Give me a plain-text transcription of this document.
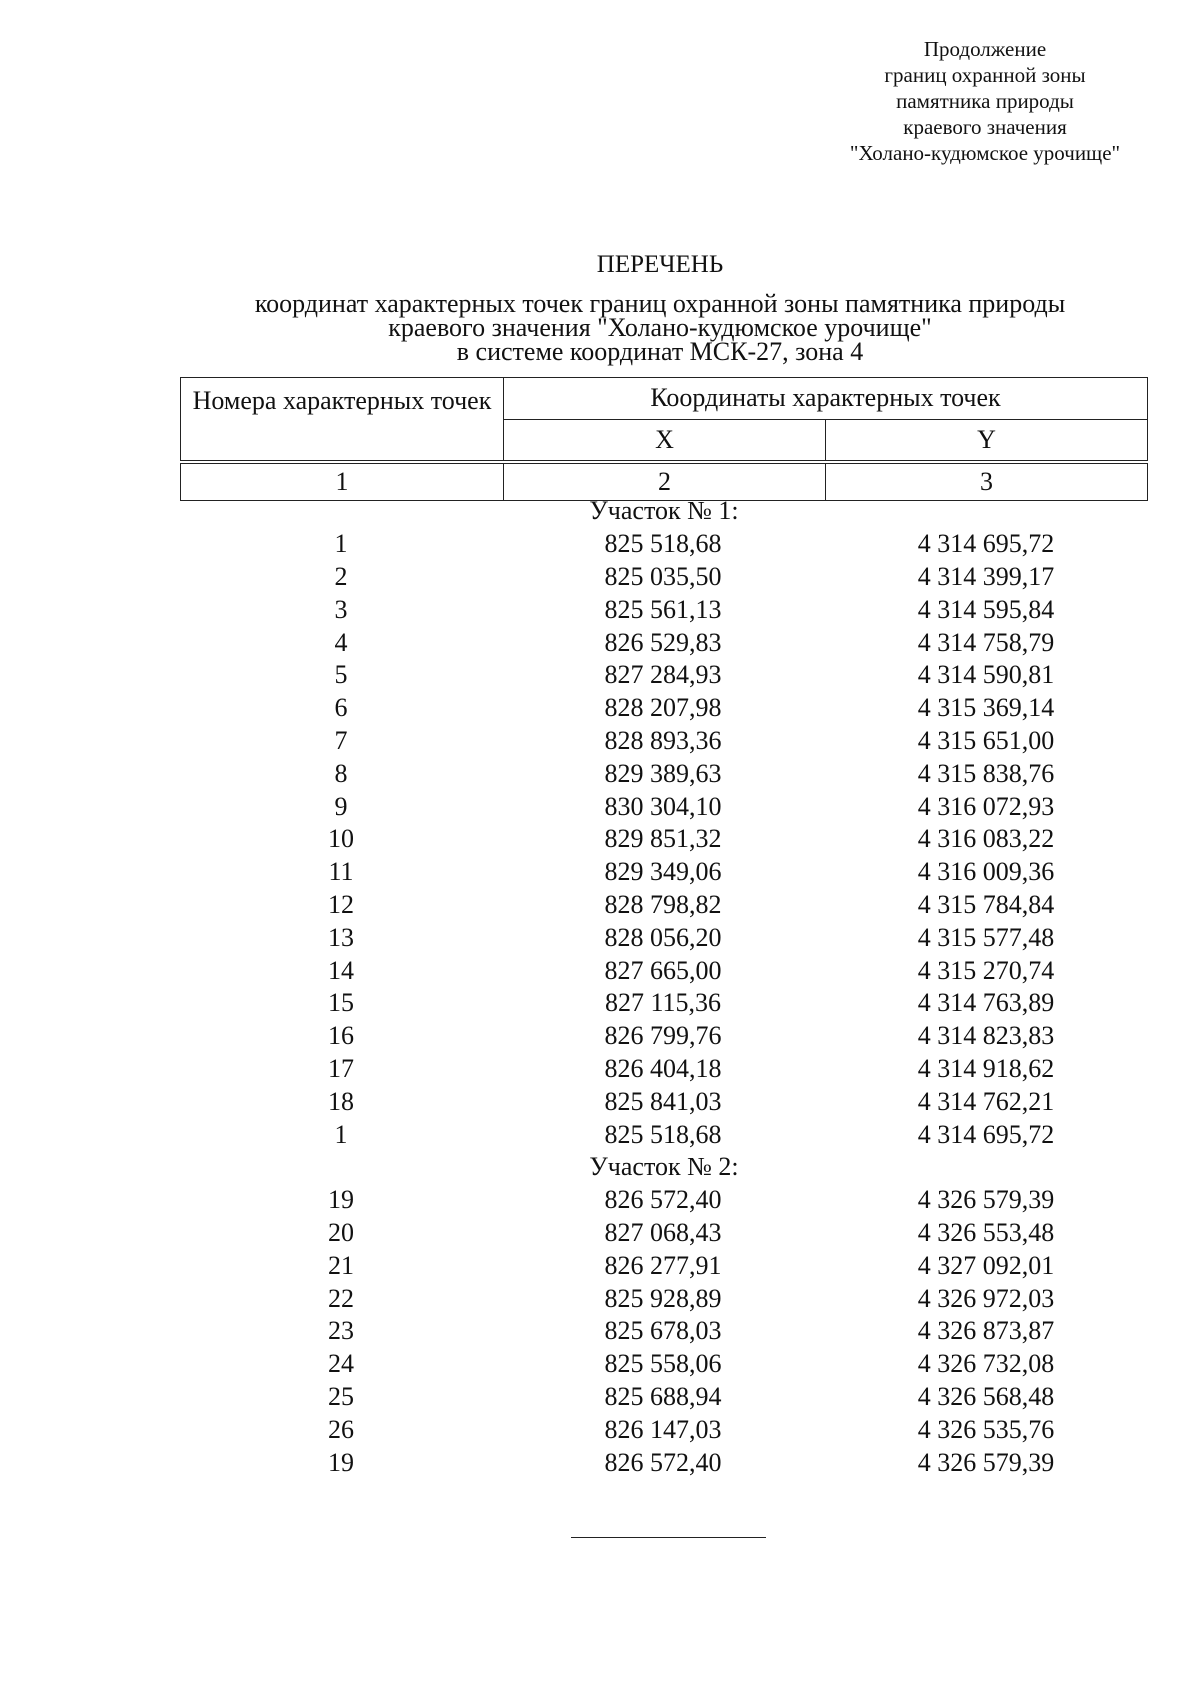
Продолжение
границ охранной зоны
памятника природы
краевого значения
"Холано-кудюмское урочище"
ПЕРЕЧЕНЬ
координат характерных точек границ охранной зоны памятника природы
краевого значения "Холано-кудюмское урочище"
в системе координат МСК-27, зона 4
Номера характерных точек	Координаты характерных точек	
	X	Y

1	2	3
Участок № 1:
1	825 518,68	4 314 695,72
2	825 035,50	4 314 399,17
3	825 561,13	4 314 595,84
4	826 529,83	4 314 758,79
5	827 284,93	4 314 590,81
6	828 207,98	4 315 369,14
7	828 893,36	4 315 651,00
8	829 389,63	4 315 838,76
9	830 304,10	4 316 072,93
10	829 851,32	4 316 083,22
11	829 349,06	4 316 009,36
12	828 798,82	4 315 784,84
13	828 056,20	4 315 577,48
14	827 665,00	4 315 270,74
15	827 115,36	4 314 763,89
16	826 799,76	4 314 823,83
17	826 404,18	4 314 918,62
18	825 841,03	4 314 762,21
1	825 518,68	4 314 695,72
Участок № 2:
19	826 572,40	4 326 579,39
20	827 068,43	4 326 553,48
21	826 277,91	4 327 092,01
22	825 928,89	4 326 972,03
23	825 678,03	4 326 873,87
24	825 558,06	4 326 732,08
25	825 688,94	4 326 568,48
26	826 147,03	4 326 535,76
19	826 572,40	4 326 579,39
